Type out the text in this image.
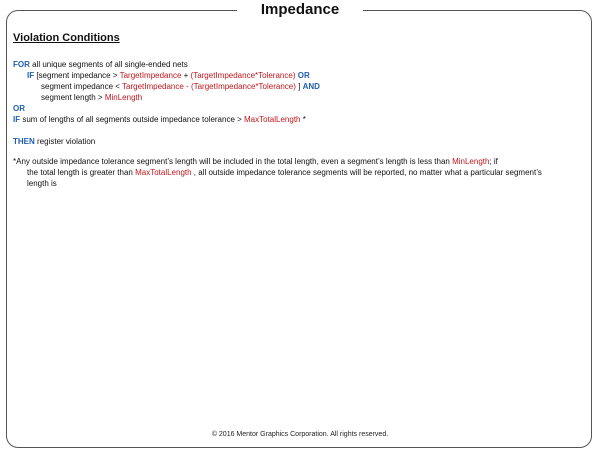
Impedance
Violation Conditions
FOR all unique segments of all single-ended nets
IF [segment impedance > TargetImpedance + (TargetImpedance*Tolerance) OR
segment impedance < TargetImpedance - (TargetImpedance*Tolerance) ] AND
segment length > MinLength
OR
IF sum of lengths of all segments outside impedance tolerance > MaxTotalLength *
THEN register violation
*Any outside impedance tolerance segment’s length will be included in the total length, even a segment’s length is less than MinLength; if
the total length is greater than MaxTotalLength , all outside impedance tolerance segments will be reported, no matter what a particular segment’s length is
© 2016 Mentor Graphics Corporation. All rights reserved.
